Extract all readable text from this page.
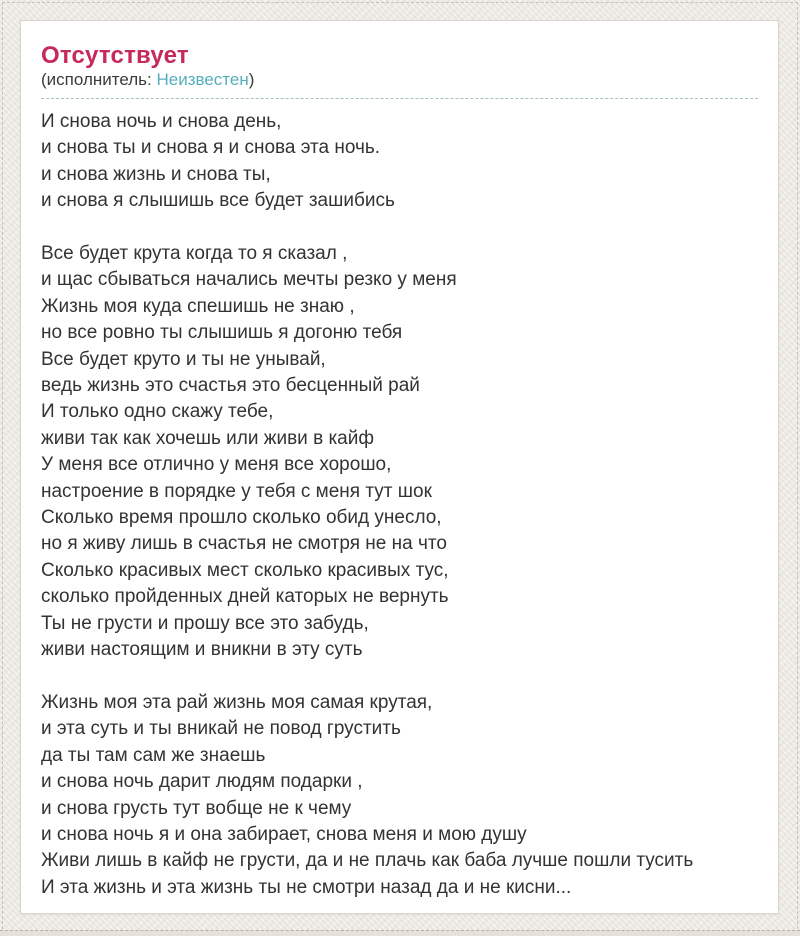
Отсутствует
(исполнитель: Неизвестен)

И снова ночь и снова день,
и снова ты и снова я и снова эта ночь.
и снова жизнь и снова ты,
и снова я слышишь все будет зашибись

Все будет крута когда то я сказал ,
и щас сбываться начались мечты резко у меня
Жизнь моя куда спешишь не знаю ,
но все ровно ты слышишь я догоню тебя
Все будет круто и ты не унывай,
ведь жизнь это счастья это бесценный рай
И только одно скажу тебе,
живи так как хочешь или живи в кайф
У меня все отлично у меня все хорошо,
настроение в порядке у тебя с меня тут шок
Сколько время прошло сколько обид унесло,
но я живу лишь в счастья не смотря не на что
Сколько красивых мест сколько красивых тус,
сколько пройденных дней каторых не вернуть
Ты не грусти и прошу все это забудь,
живи настоящим и вникни в эту суть

Жизнь моя эта рай жизнь моя самая крутая,
и эта суть и ты вникай не повод грустить
да ты там сам же знаешь
и снова ночь дарит людям подарки ,
и снова грусть тут вобще не к чему
и снова ночь я и она забирает, снова меня и мою душу
Живи лишь в кайф не грусти, да и не плачь как баба лучше пошли тусить
И эта жизнь и эта жизнь ты не смотри назад да и не кисни...
